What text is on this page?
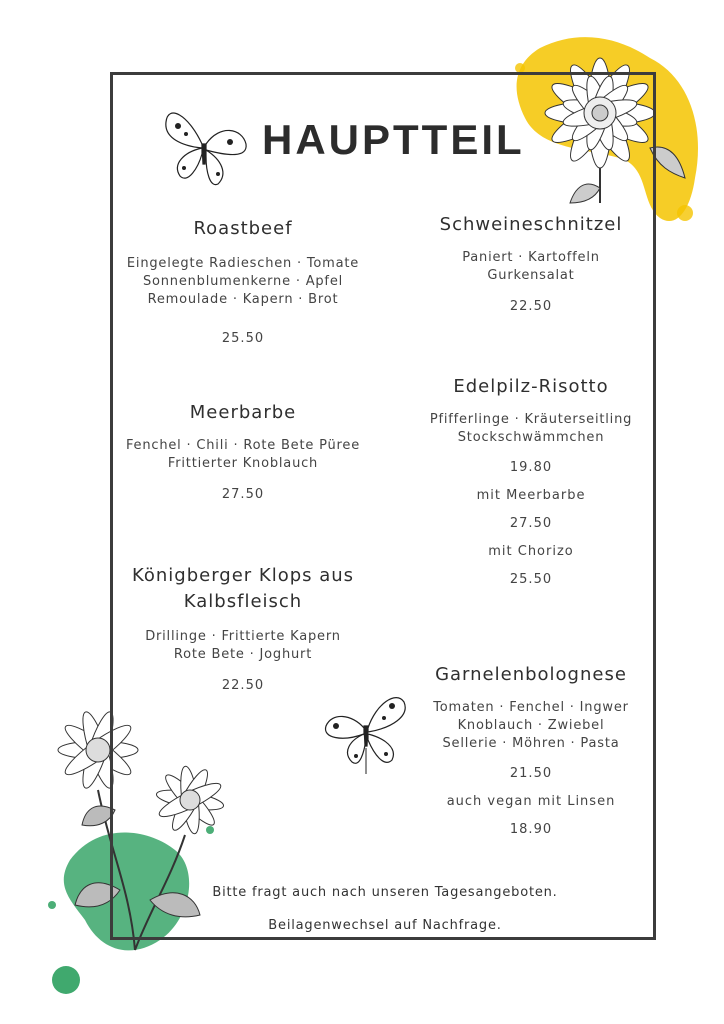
HAUPTTEIL
Roastbeef
Eingelegte Radieschen · Tomate
Sonnenblumenkerne · Apfel
Remoulade · Kapern · Brot
25.50
Meerbarbe
Fenchel · Chili · Rote Bete Püree
Frittierter Knoblauch
27.50
Königberger Klops aus
Kalbsfleisch
Drillinge · Frittierte Kapern
Rote Bete · Joghurt
22.50
Schweineschnitzel
Paniert · Kartoffeln
Gurkensalat
22.50
Edelpilz-Risotto
Pfifferlinge · Kräuterseitling
Stockschwämmchen
19.80
mit Meerbarbe
27.50
mit Chorizo
25.50
Garnelenbolognese
Tomaten · Fenchel · Ingwer
Knoblauch · Zwiebel
Sellerie · Möhren · Pasta
21.50
auch vegan mit Linsen
18.90
Bitte fragt auch nach unseren Tagesangeboten.
Beilagenwechsel auf Nachfrage.
